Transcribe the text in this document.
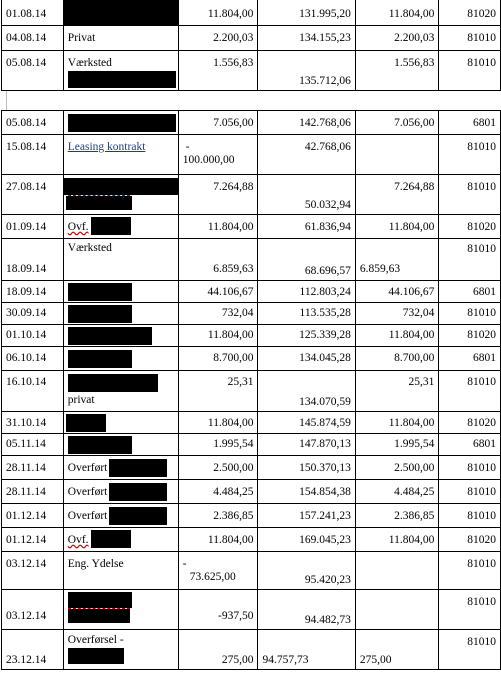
01.08.14		11.804,00	131.995,20	11.804,00	81020
04.08.14	Privat	2.200,03	134.155,23	2.200,03	81010
05.08.14	Værksted	1.556,83	135.712,06	1.556,83	81010
05.08.14		7.056,00	142.768,06	7.056,00	6801
15.08.14	Leasing kontrakt	-
100.000,00	42.768,06		81010
27.08.14		7.264,88	50.032,94	7.264,88	81010
01.09.14	Ovf.	11.804,00	61.836,94	11.804,00	81020

18.09.14	Værksted	6.859,63	68.696,57	6.859,63	81010
18.09.14		44.106,67	112.803,24	44.106,67	6801
30.09.14		732,04	113.535,28	732,04	81010
01.10.14		11.804,00	125.339,28	11.804,00	81020
06.10.14		8.700,00	134.045,28	8.700,00	6801
16.10.14	privat	25,31	134.070,59	25,31	81010
31.10.14		11.804,00	145.874,59	11.804,00	81020
05.11.14		1.995,54	147.870,13	1.995,54	6801
28.11.14	Overført	2.500,00	150.370,13	2.500,00	81010
28.11.14	Overført	4.484,25	154.854,38	4.484,25	81010
01.12.14	Overført	2.386,85	157.241,23	2.386,85	81010
01.12.14	Ovf.	11.804,00	169.045,23	11.804,00	81020
03.12.14	Eng. Ydelse	-
73.625,00	95.420,23		81010

03.12.14		-937,50	94.482,73		81010

23.12.14	Overførsel -	275,00	94.757,73	275,00	81010
